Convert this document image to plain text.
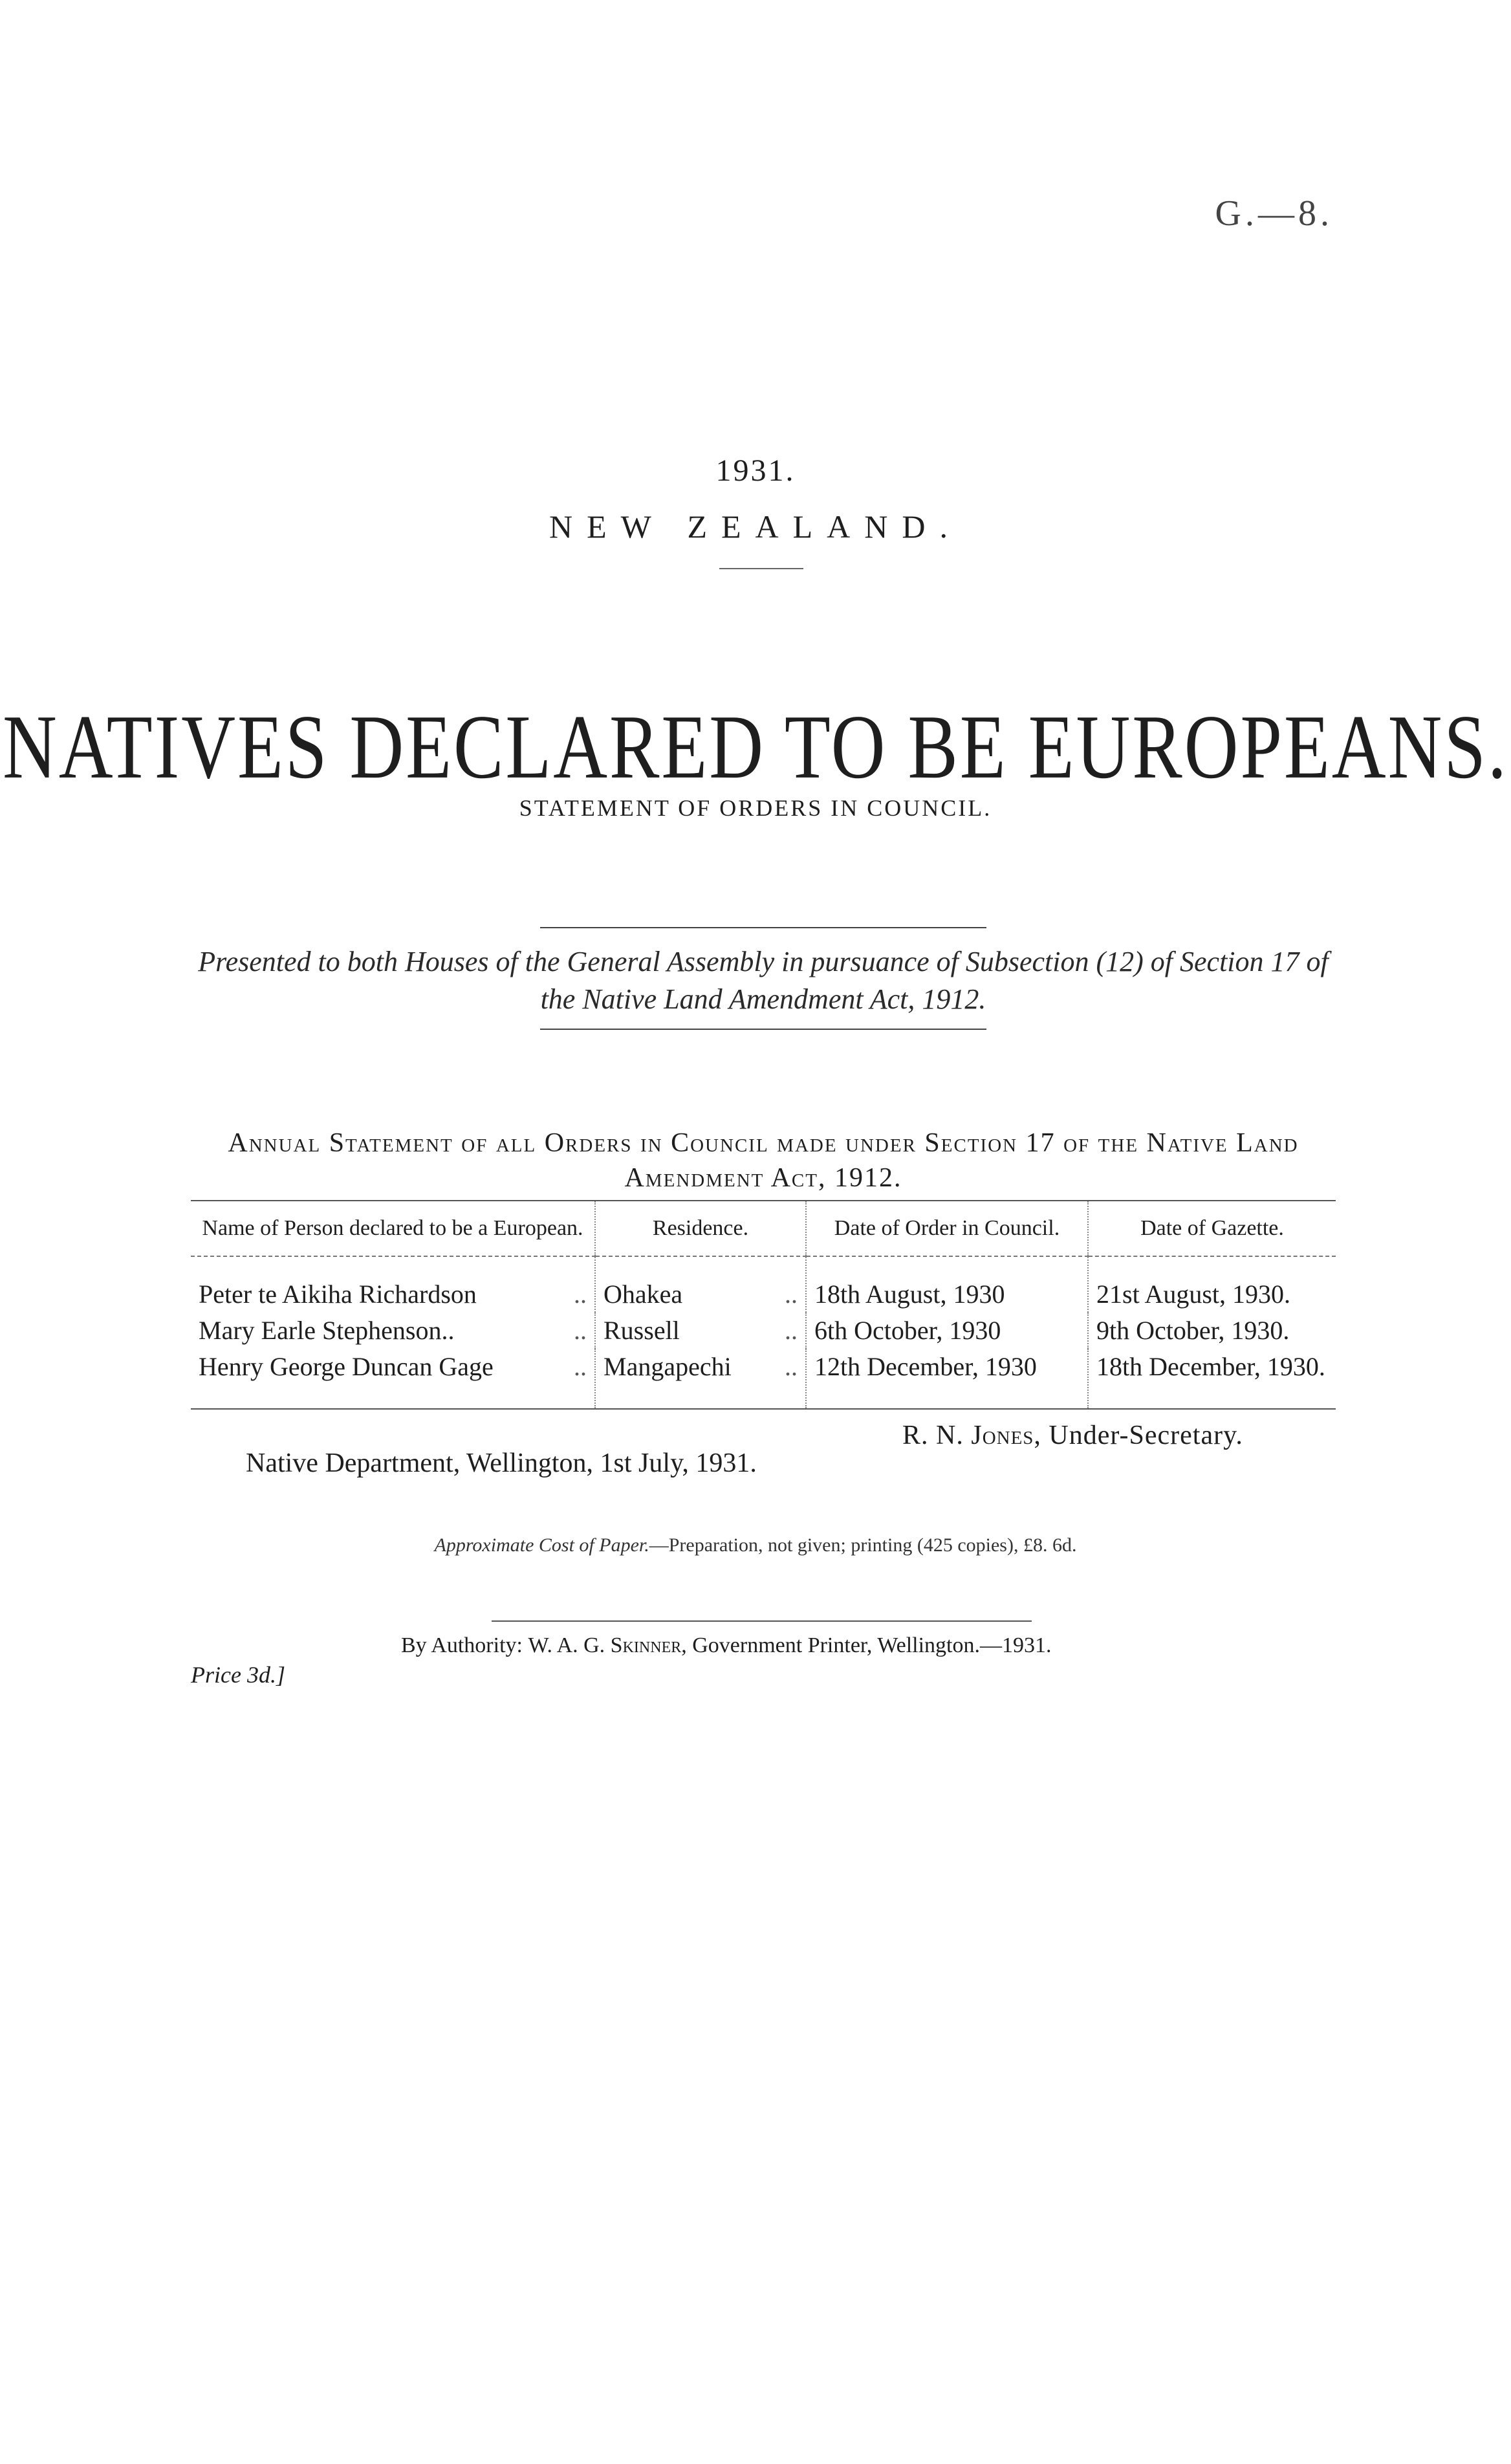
G.—8.
1931.
NEW ZEALAND.
NATIVES DECLARED TO BE EUROPEANS.
STATEMENT OF ORDERS IN COUNCIL.
Presented to both Houses of the General Assembly in pursuance of Subsection (12) of Section 17 of the Native Land Amendment Act, 1912.
Annual Statement of all Orders in Council made under Section 17 of the Native Land
Amendment Act, 1912.
Name of Person declared to be a European.	Residence.	Date of Order in Council.	Date of Gazette.
Peter te Aikiha Richardson ..	Ohakea ..	18th August, 1930	21st August, 1930.
Mary Earle Stephenson.. ..	Russell ..	6th October, 1930	9th October, 1930.
Henry George Duncan Gage ..	Mangapechi ..	12th December, 1930	18th December, 1930.
R. N. Jones, Under-Secretary.
Native Department, Wellington, 1st July, 1931.
Approximate Cost of Paper.—Preparation, not given; printing (425 copies), £8. 6d.
By Authority: W. A. G. Skinner, Government Printer, Wellington.—1931.
Price 3d.]
